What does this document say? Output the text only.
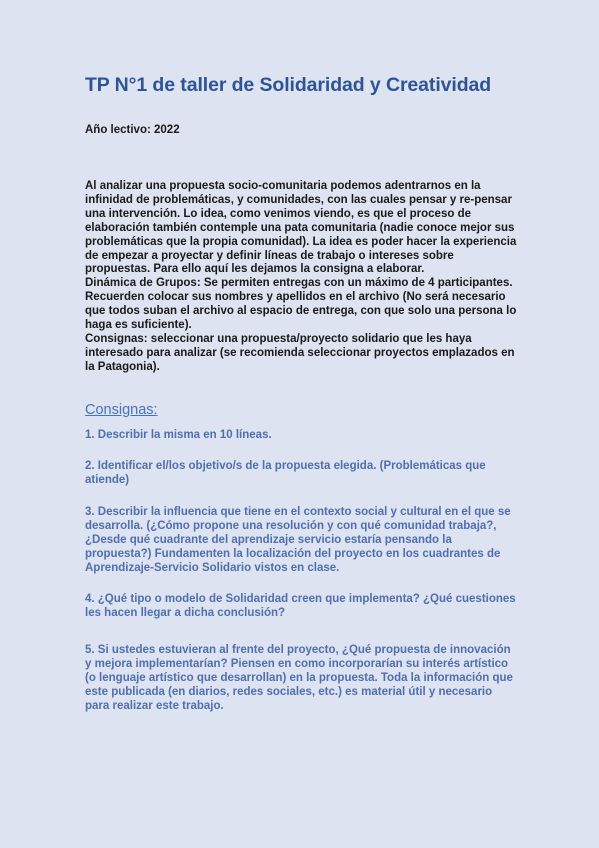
TP N°1 de taller de Solidaridad y Creatividad

Año lectivo: 2022

Al analizar una propuesta socio-comunitaria podemos adentrarnos en la infinidad de problemáticas, y comunidades, con las cuales pensar y re-pensar una intervención. Lo idea, como venimos viendo, es que el proceso de elaboración también contemple una pata comunitaria (nadie conoce mejor sus problemáticas que la propia comunidad). La idea es poder hacer la experiencia de empezar a proyectar y definir líneas de trabajo o intereses sobre propuestas. Para ello aquí les dejamos la consigna a elaborar.

Dinámica de Grupos: Se permiten entregas con un máximo de 4 participantes. Recuerden colocar sus nombres y apellidos en el archivo (No será necesario que todos suban el archivo al espacio de entrega, con que solo una persona lo haga es suficiente).

Consignas: seleccionar una propuesta/proyecto solidario que les haya interesado para analizar (se recomienda seleccionar proyectos emplazados en la Patagonia).

Consignas:

1. Describir la misma en 10 líneas.

2. Identificar el/los objetivo/s de la propuesta elegida. (Problemáticas que atiende)

3. Describir la influencia que tiene en el contexto social y cultural en el que se desarrolla. (¿Cómo propone una resolución y con qué comunidad trabaja?, ¿Desde qué cuadrante del aprendizaje servicio estaría pensando la propuesta?) Fundamenten la localización del proyecto en los cuadrantes de Aprendizaje-Servicio Solidario vistos en clase.

4. ¿Qué tipo o modelo de Solidaridad creen que implementa? ¿Qué cuestiones les hacen llegar a dicha conclusión?

5. Si ustedes estuvieran al frente del proyecto, ¿Qué propuesta de innovación y mejora implementarían? Piensen en como incorporarían su interés artístico (o lenguaje artístico que desarrollan) en la propuesta. Toda la información que este publicada (en diarios, redes sociales, etc.) es material útil y necesario para realizar este trabajo.
